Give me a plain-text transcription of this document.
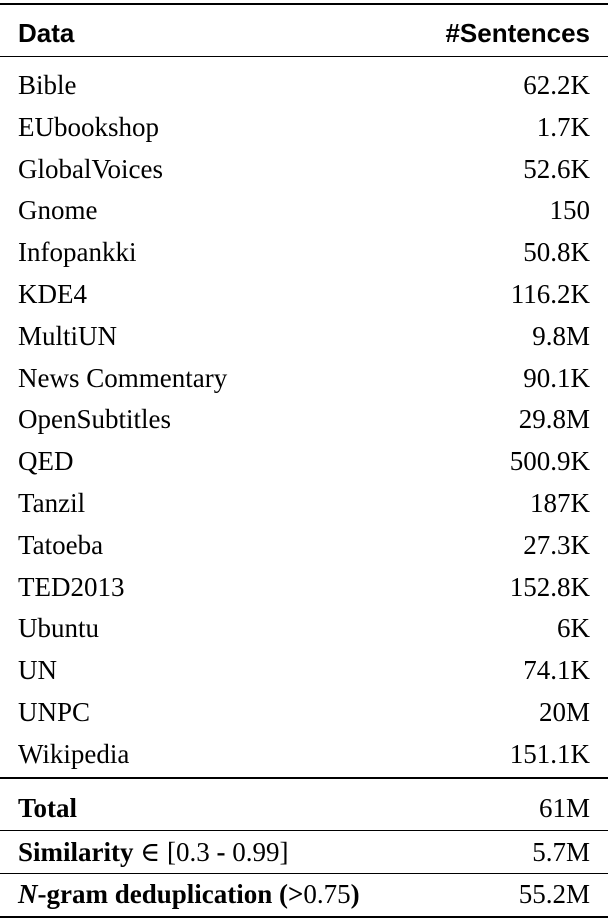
Data	#Sentences
Bible	62.2K
EUbookshop	1.7K
GlobalVoices	52.6K
Gnome	150
Infopankki	50.8K
KDE4	116.2K
MultiUN	9.8M
News Commentary	90.1K
OpenSubtitles	29.8M
QED	500.9K
Tanzil	187K
Tatoeba	27.3K
TED2013	152.8K
Ubuntu	6K
UN	74.1K
UNPC	20M
Wikipedia	151.1K
Total	61M
Similarity ∈ [0.3 - 0.99]	5.7M
N-gram deduplication (>0.75)	55.2M
